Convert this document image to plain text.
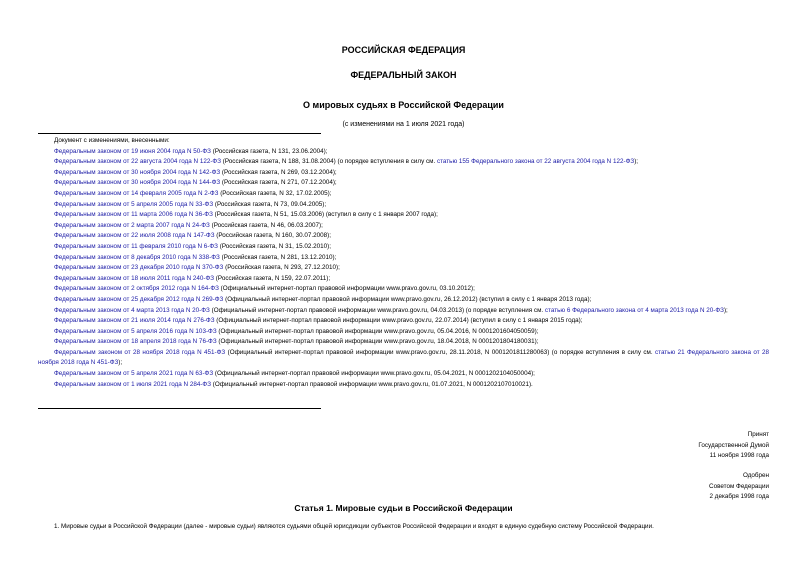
РОССИЙСКАЯ ФЕДЕРАЦИЯ
ФЕДЕРАЛЬНЫЙ ЗАКОН
О мировых судьях в Российской Федерации
(с изменениями на 1 июля 2021 года)
Документ с изменениями, внесенными:
Федеральным законом от 19 июня 2004 года N 50-ФЗ (Российская газета, N 131, 23.06.2004);
Федеральным законом от 22 августа 2004 года N 122-ФЗ (Российская газета, N 188, 31.08.2004) (о порядке вступления в силу см. статью 155 Федерального закона от 22 августа 2004 года N 122-ФЗ);
Федеральным законом от 30 ноября 2004 года N 142-ФЗ (Российская газета, N 269, 03.12.2004);
Федеральным законом от 30 ноября 2004 года N 144-ФЗ (Российская газета, N 271, 07.12.2004);
Федеральным законом от 14 февраля 2005 года N 2-ФЗ (Российская газета, N 32, 17.02.2005);
Федеральным законом от 5 апреля 2005 года N 33-ФЗ (Российская газета, N 73, 09.04.2005);
Федеральным законом от 11 марта 2006 года N 36-ФЗ (Российская газета, N 51, 15.03.2006) (вступил в силу с 1 января 2007 года);
Федеральным законом от 2 марта 2007 года N 24-ФЗ (Российская газета, N 46, 06.03.2007);
Федеральным законом от 22 июля 2008 года N 147-ФЗ (Российская газета, N 160, 30.07.2008);
Федеральным законом от 11 февраля 2010 года N 6-ФЗ (Российская газета, N 31, 15.02.2010);
Федеральным законом от 8 декабря 2010 года N 338-ФЗ (Российская газета, N 281, 13.12.2010);
Федеральным законом от 23 декабря 2010 года N 370-ФЗ (Российская газета, N 293, 27.12.2010);
Федеральным законом от 18 июля 2011 года N 240-ФЗ (Российская газета, N 159, 22.07.2011);
Федеральным законом от 2 октября 2012 года N 164-ФЗ (Официальный интернет-портал правовой информации www.pravo.gov.ru, 03.10.2012);
Федеральным законом от 25 декабря 2012 года N 269-ФЗ (Официальный интернет-портал правовой информации www.pravo.gov.ru, 26.12.2012) (вступил в силу с 1 января 2013 года);
Федеральным законом от 4 марта 2013 года N 20-ФЗ (Официальный интернет-портал правовой информации www.pravo.gov.ru, 04.03.2013) (о порядке вступления см. статью 6 Федерального закона от 4 марта 2013 года N 20-ФЗ);
Федеральным законом от 21 июля 2014 года N 276-ФЗ (Официальный интернет-портал правовой информации www.pravo.gov.ru, 22.07.2014) (вступил в силу с 1 января 2015 года);
Федеральным законом от 5 апреля 2016 года N 103-ФЗ (Официальный интернет-портал правовой информации www.pravo.gov.ru, 05.04.2016, N 0001201604050059);
Федеральным законом от 18 апреля 2018 года N 76-ФЗ (Официальный интернет-портал правовой информации www.pravo.gov.ru, 18.04.2018, N 0001201804180031);
Федеральным законом от 28 ноября 2018 года N 451-ФЗ (Официальный интернет-портал правовой информации www.pravo.gov.ru, 28.11.2018, N 0001201811280063) (о порядке вступления в силу см. статью 21 Федерального закона от 28 ноября 2018 года N 451-ФЗ);
Федеральным законом от 5 апреля 2021 года N 63-ФЗ (Официальный интернет-портал правовой информации www.pravo.gov.ru, 05.04.2021, N 0001202104050004);
Федеральным законом от 1 июля 2021 года N 284-ФЗ (Официальный интернет-портал правовой информации www.pravo.gov.ru, 01.07.2021, N 0001202107010021).
Принят
Государственной Думой
11 ноября 1998 года
Одобрен
Советом Федерации
2 декабря 1998 года
Статья 1. Мировые судьи в Российской Федерации
1. Мировые судьи в Российской Федерации (далее - мировые судьи) являются судьями общей юрисдикции субъектов Российской Федерации и входят в единую судебную систему Российской Федерации.
